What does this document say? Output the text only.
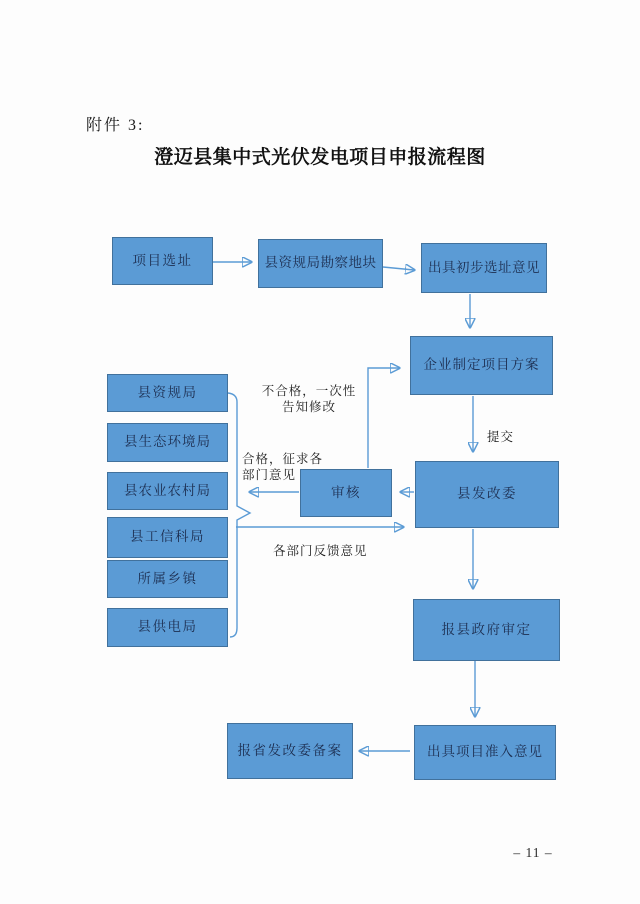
附件 3:
澄迈县集中式光伏发电项目申报流程图
项目选址	县资规局勘察地块	出具初步选址意见
企业制定项目方案
县发改委
审核
县资规局
县生态环境局
县农业农村局
县工信科局
所属乡镇
县供电局	报县政府审定
出具项目准入意见
报省发改委备案
不合格，一次性
告知修改
合格，征求各
部门意见
各部门反馈意见
提交
– 11 –
